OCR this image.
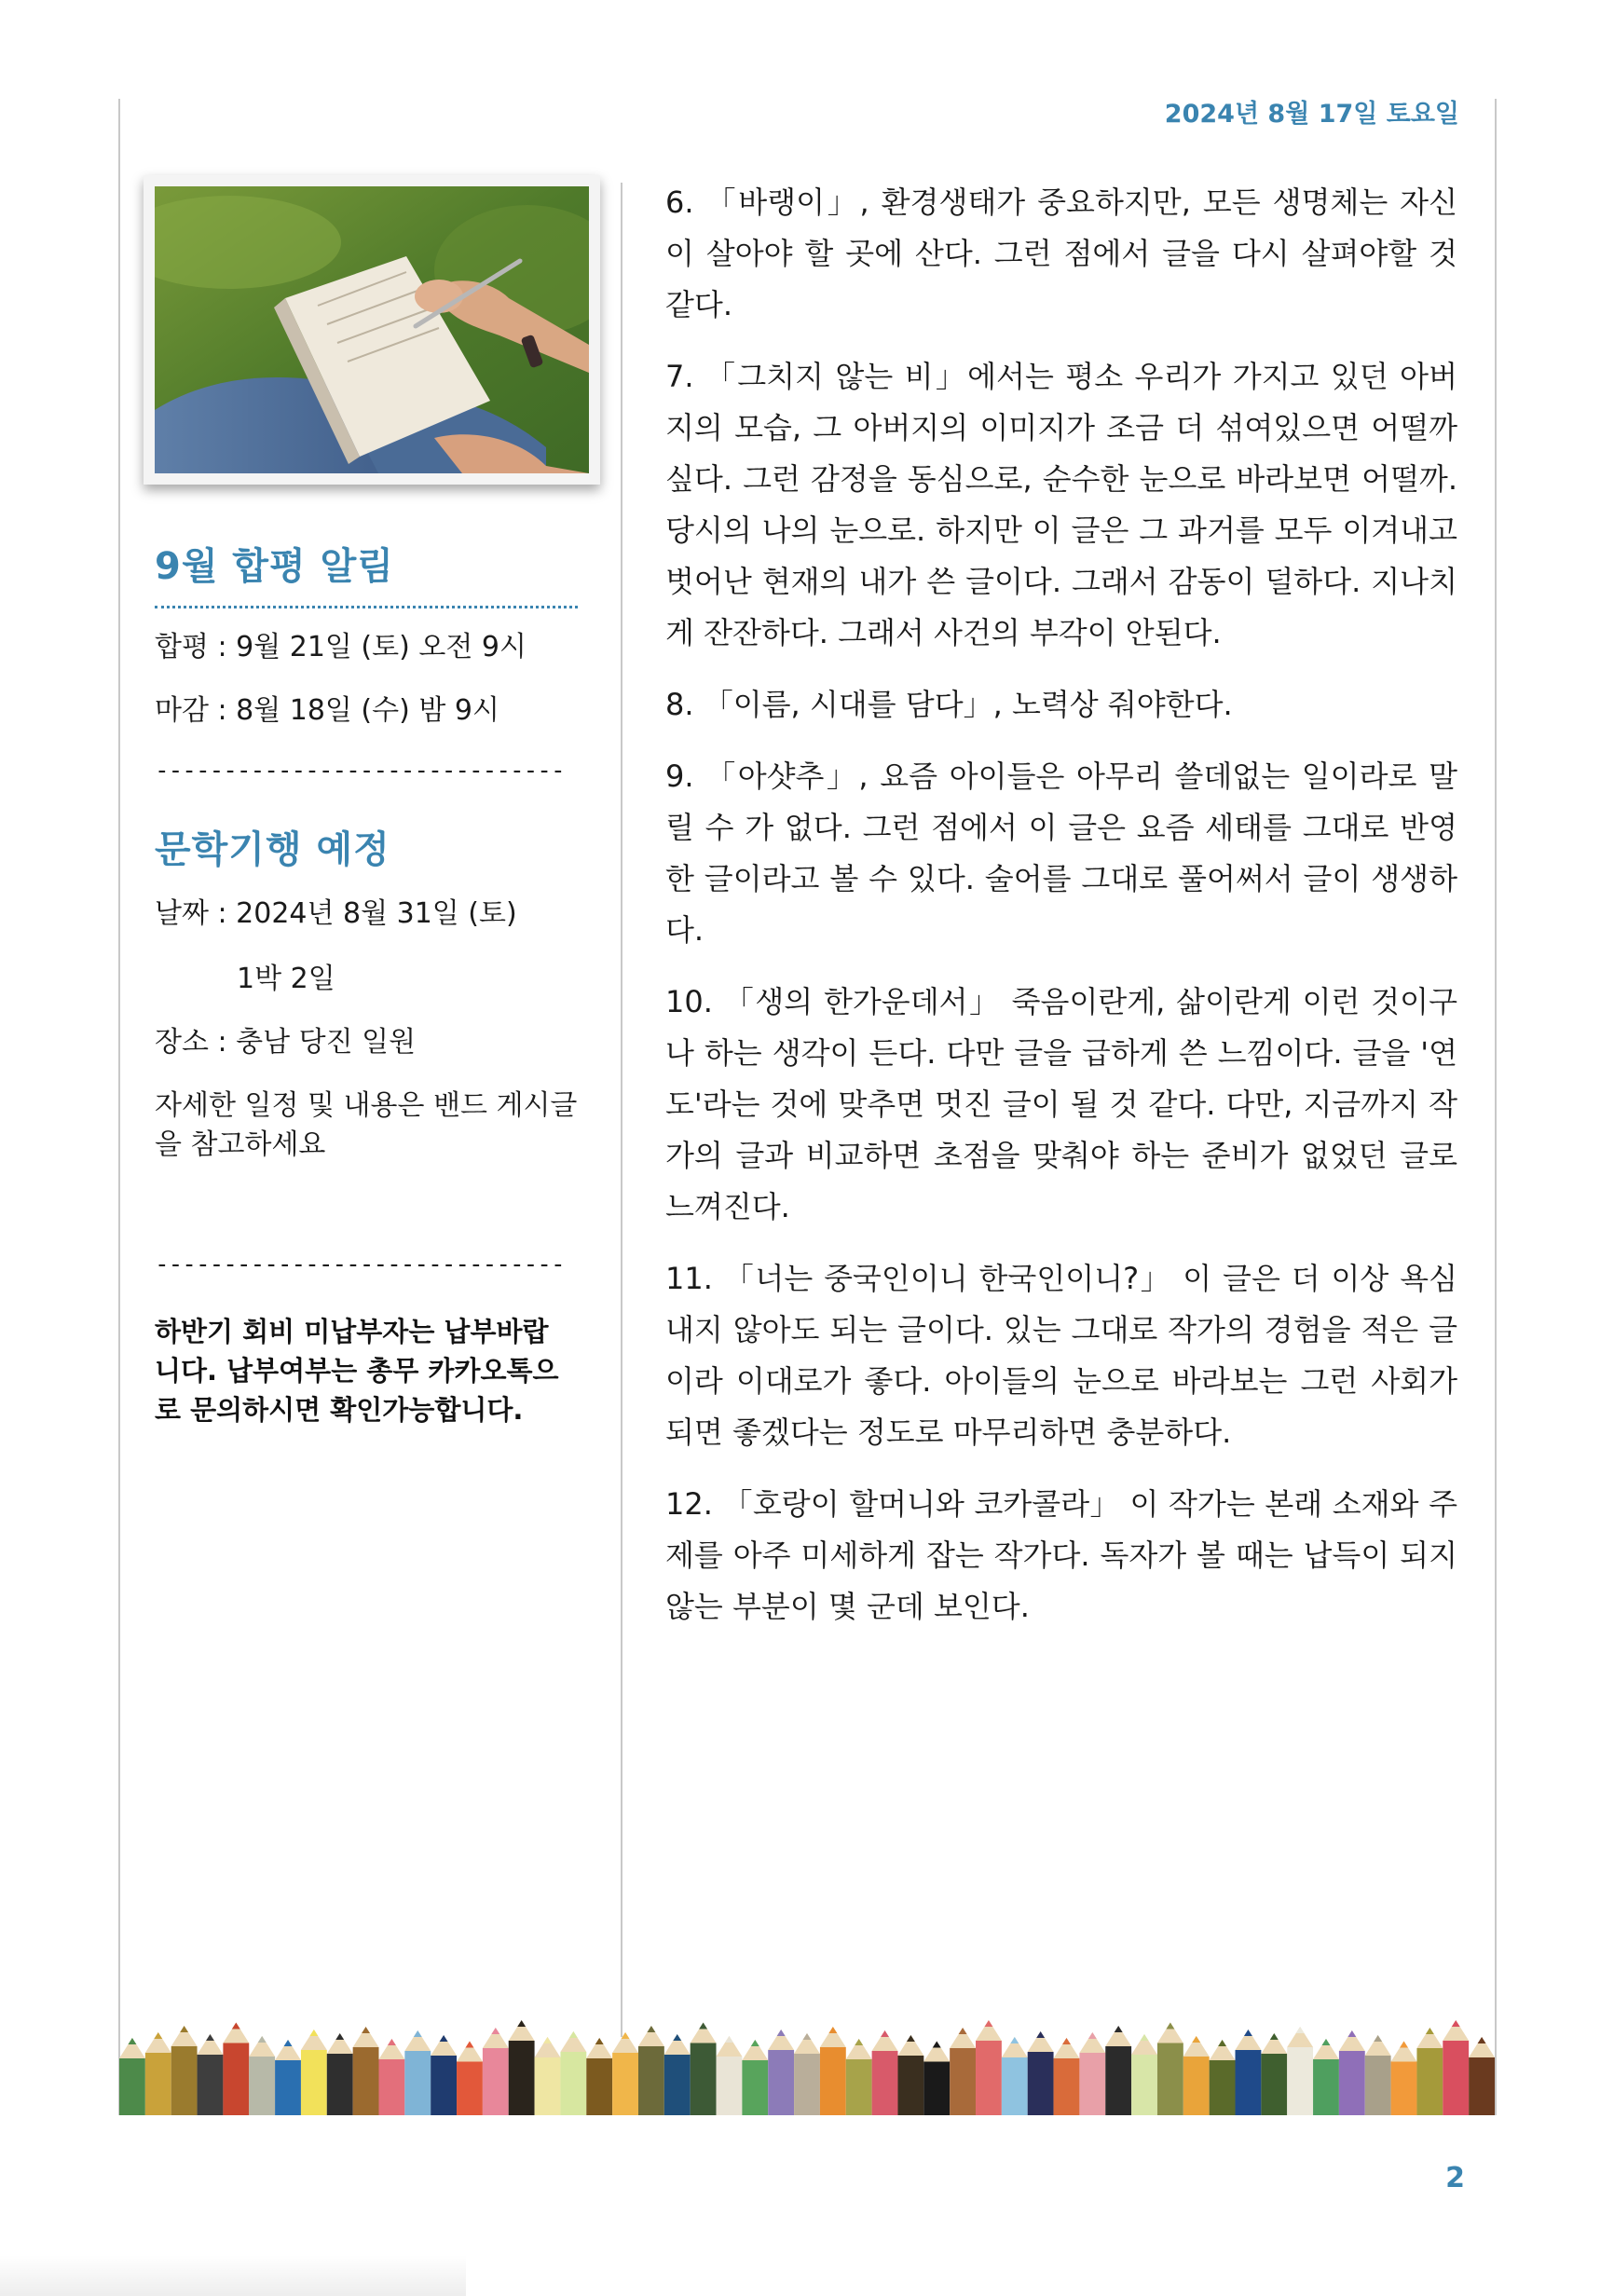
2024년 8월 17일 토요일
9월 합평 알림
합평 : 9월 21일 (토) 오전 9시
마감 : 8월 18일 (수) 밤 9시
------------------------------
문학기행 예정
날짜 : 2024년 8월 31일 (토)
1박 2일
장소 : 충남 당진 일원
자세한 일정 및 내용은 밴드 게시글을 참고하세요
------------------------------
하반기 회비 미납부자는 납부바랍니다. 납부여부는 총무 카카오톡으로 문의하시면 확인가능합니다.

6. 「바랭이」, 환경생태가 중요하지만, 모든 생명체는 자신이 살아야 할 곳에 산다. 그런 점에서 글을 다시 살펴야할 것 같다.

7. 「그치지 않는 비」에서는 평소 우리가 가지고 있던 아버지의 모습, 그 아버지의 이미지가 조금 더 섞여있으면 어떨까 싶다. 그런 감정을 동심으로, 순수한 눈으로 바라보면 어떨까. 당시의 나의 눈으로. 하지만 이 글은 그 과거를 모두 이겨내고 벗어난 현재의 내가 쓴 글이다. 그래서 감동이 덜하다. 지나치게 잔잔하다. 그래서 사건의 부각이 안된다.

8. 「이름, 시대를 담다」, 노력상 줘야한다.

9. 「아샷추」, 요즘 아이들은 아무리 쓸데없는 일이라로 말릴 수 가 없다. 그런 점에서 이 글은 요즘 세태를 그대로 반영한 글이라고 볼 수 있다. 술어를 그대로 풀어써서 글이 생생하다.

10. 「생의 한가운데서」 죽음이란게, 삶이란게 이런 것이구나 하는 생각이 든다. 다만 글을 급하게 쓴 느낌이다. 글을 '연도'라는 것에 맞추면 멋진 글이 될 것 같다. 다만, 지금까지 작가의 글과 비교하면 초점을 맞춰야 하는 준비가 없었던 글로 느껴진다.

11. 「너는 중국인이니 한국인이니?」 이 글은 더 이상 욕심내지 않아도 되는 글이다. 있는 그대로 작가의 경험을 적은 글이라 이대로가 좋다. 아이들의 눈으로 바라보는 그런 사회가 되면 좋겠다는 정도로 마무리하면 충분하다.

12. 「호랑이 할머니와 코카콜라」 이 작가는 본래 소재와 주제를 아주 미세하게 잡는 작가다. 독자가 볼 때는 납득이 되지 않는 부분이 몇 군데 보인다.

2
